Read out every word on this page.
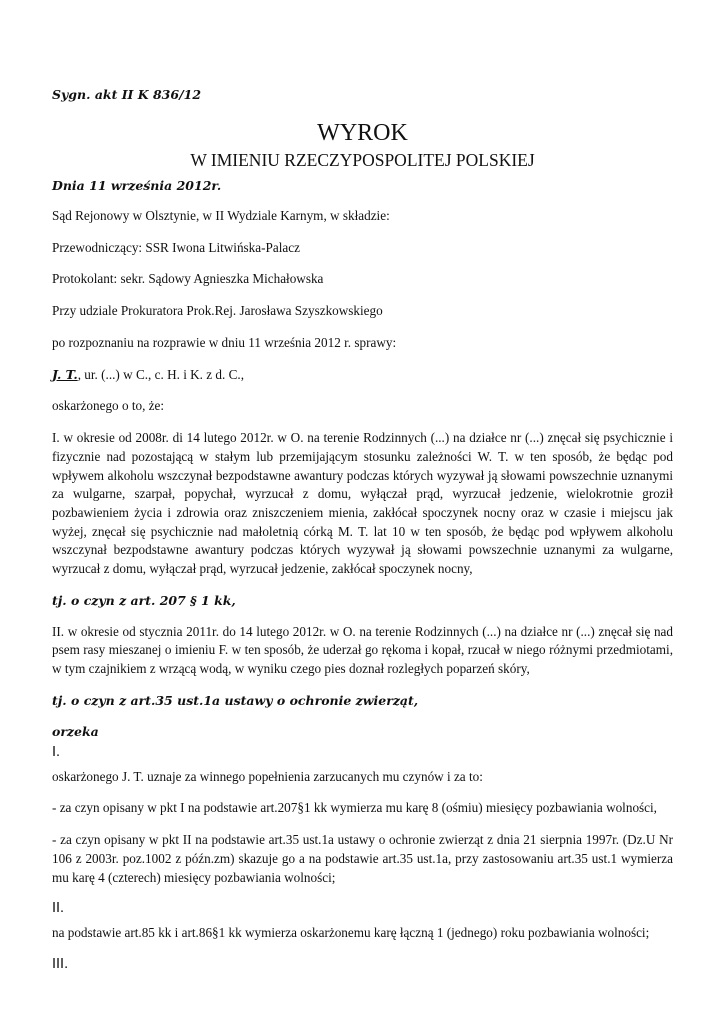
Sygn. akt II K 836/12

WYROK
W IMIENIU RZECZYPOSPOLITEJ POLSKIEJ

Dnia 11 września 2012r.

Sąd Rejonowy w Olsztynie, w II Wydziale Karnym, w składzie:

Przewodniczący: SSR Iwona Litwińska-Palacz

Protokolant: sekr. Sądowy Agnieszka Michałowska

Przy udziale Prokuratora Prok.Rej. Jarosława Szyszkowskiego

po rozpoznaniu na rozprawie w dniu 11 września 2012 r. sprawy:

J. T., ur. (...) w C., c. H. i K. z d. C.,

oskarżonego o to, że:

I. w okresie od 2008r. di 14 lutego 2012r. w O. na terenie Rodzinnych (...) na działce nr (...) znęcał się psychicznie i fizycznie nad pozostającą w stałym lub przemijającym stosunku zależności W. T. w ten sposób, że będąc pod wpływem alkoholu wszczynał bezpodstawne awantury podczas których wyzywał ją słowami powszechnie uznanymi za wulgarne, szarpał, popychał, wyrzucał z domu, wyłączał prąd, wyrzucał jedzenie, wielokrotnie groził pozbawieniem życia i zdrowia oraz zniszczeniem mienia, zakłócał spoczynek nocny oraz w czasie i miejscu jak wyżej, znęcał się psychicznie nad małoletnią córką M. T. lat 10 w ten sposób, że będąc pod wpływem alkoholu wszczynał bezpodstawne awantury podczas których wyzywał ją słowami powszechnie uznanymi za wulgarne, wyrzucał z domu, wyłączał prąd, wyrzucał jedzenie, zakłócał spoczynek nocny,

tj. o czyn z art. 207 § 1 kk,

II. w okresie od stycznia 2011r. do 14 lutego 2012r. w O. na terenie Rodzinnych (...) na działce nr (...) znęcał się nad psem rasy mieszanej o imieniu F. w ten sposób, że uderzał go rękoma i kopał, rzucał w niego różnymi przedmiotami, w tym czajnikiem z wrzącą wodą, w wyniku czego pies doznał rozległych poparzeń skóry,

tj. o czyn z art.35 ust.1a ustawy o ochronie zwierząt,

orzeka

I.

oskarżonego J. T. uznaje za winnego popełnienia zarzucanych mu czynów i za to:

- za czyn opisany w pkt I na podstawie art.207§1 kk wymierza mu karę 8 (ośmiu) miesięcy pozbawiania wolności,

- za czyn opisany w pkt II na podstawie art.35 ust.1a ustawy o ochronie zwierząt z dnia 21 sierpnia 1997r. (Dz.U Nr 106 z 2003r. poz.1002 z późn.zm) skazuje go a na podstawie art.35 ust.1a, przy zastosowaniu art.35 ust.1 wymierza mu karę 4 (czterech) miesięcy pozbawiania wolności;

II.

na podstawie art.85 kk i art.86§1 kk wymierza oskarżonemu karę łączną 1 (jednego) roku pozbawiania wolności;

III.
